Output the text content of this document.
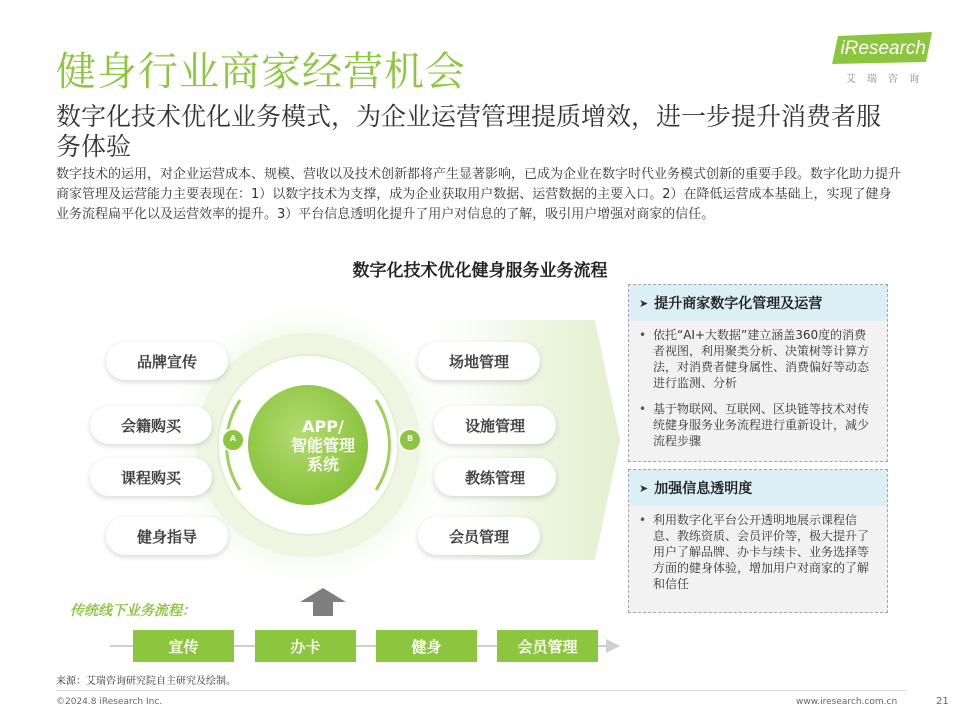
健身行业商家经营机会
数字化技术优化业务模式，为企业运营管理提质增效，进一步提升消费者服务体验
数字技术的运用，对企业运营成本、规模、营收以及技术创新都将产生显著影响，已成为企业在数字时代业务模式创新的重要手段。数字化助力提升商家管理及运营能力主要表现在：1）以数字技术为支撑，成为企业获取用户数据、运营数据的主要入口。2）在降低运营成本基础上，实现了健身业务流程扁平化以及运营效率的提升。3）平台信息透明化提升了用户对信息的了解，吸引用户增强对商家的信任。
iResearch
艾瑞咨询
数字化技术优化健身服务业务流程
APP/
智能管理
系统
A	B
品牌宣传
会籍购买
课程购买
健身指导
场地管理
设施管理
教练管理
会员管理
传统线下业务流程：
宣传	办卡	健身	会员管理
➤ 提升商家数字化管理及运营
• 依托“AI+大数据”建立涵盖360度的消费者视图，利用聚类分析、决策树等计算方法，对消费者健身属性、消费偏好等动态进行监测、分析
• 基于物联网、互联网、区块链等技术对传统健身服务业务流程进行重新设计，减少流程步骤
➤ 加强信息透明度
• 利用数字化平台公开透明地展示课程信息、教练资质、会员评价等，极大提升了用户了解品牌、办卡与续卡、业务选择等方面的健身体验，增加用户对商家的了解和信任
来源：艾瑞咨询研究院自主研究及绘制。
©2024.8 iResearch Inc.	www.iresearch.com.cn	21
